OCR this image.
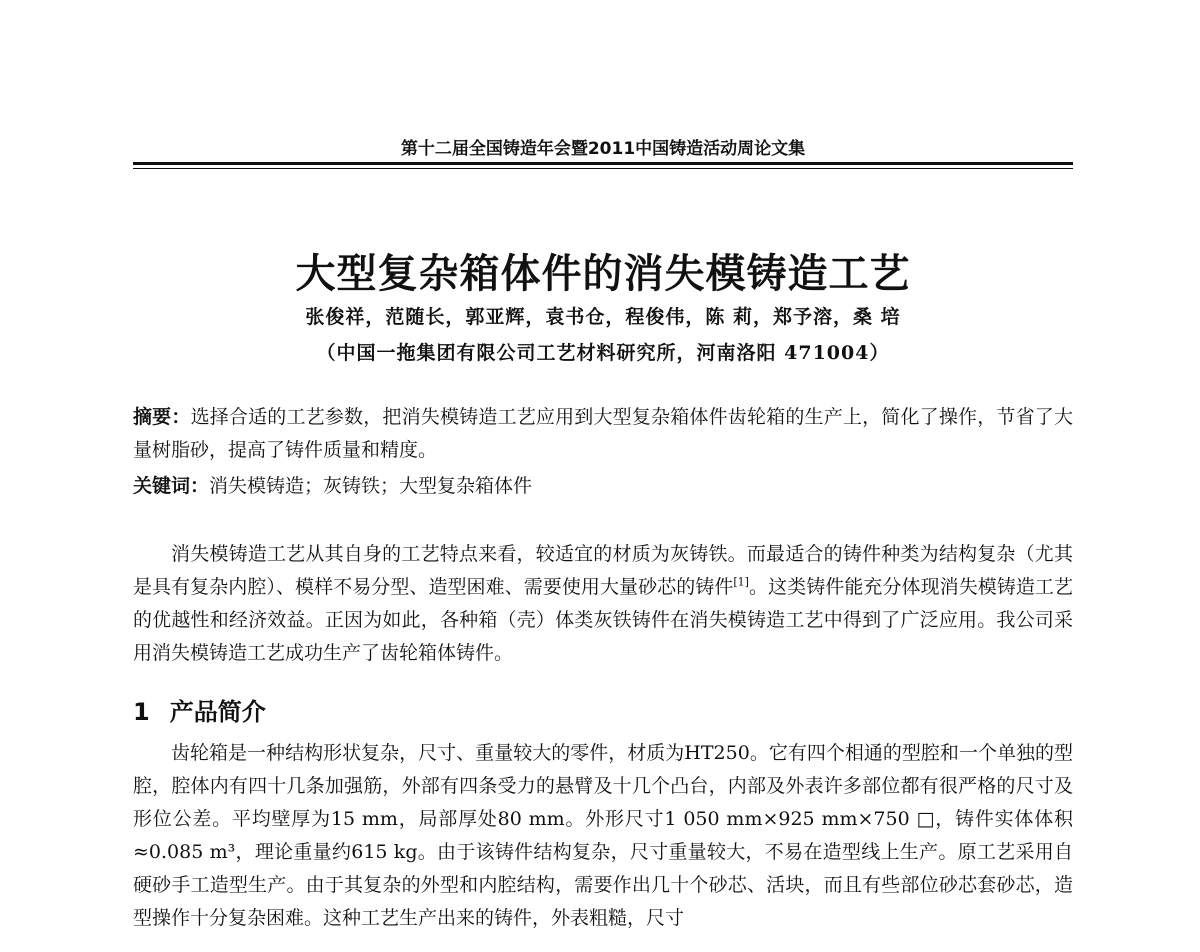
第十二届全国铸造年会暨2011中国铸造活动周论文集
大型复杂箱体件的消失模铸造工艺
张俊祥，范随长，郭亚辉，袁书仓，程俊伟，陈 莉，郑予溶，桑 培
（中国一拖集团有限公司工艺材料研究所，河南洛阳 471004）
摘要：选择合适的工艺参数，把消失模铸造工艺应用到大型复杂箱体件齿轮箱的生产上，简化了操作，节省了大量树脂砂，提高了铸件质量和精度。
关键词：消失模铸造；灰铸铁；大型复杂箱体件
消失模铸造工艺从其自身的工艺特点来看，较适宜的材质为灰铸铁。而最适合的铸件种类为结构复杂（尤其是具有复杂内腔）、模样不易分型、造型困难、需要使用大量砂芯的铸件[1]。这类铸件能充分体现消失模铸造工艺的优越性和经济效益。正因为如此，各种箱（壳）体类灰铁铸件在消失模铸造工艺中得到了广泛应用。我公司采用消失模铸造工艺成功生产了齿轮箱体铸件。
1 产品简介
齿轮箱是一种结构形状复杂，尺寸、重量较大的零件，材质为HT250。它有四个相通的型腔和一个单独的型腔，腔体内有四十几条加强筋，外部有四条受力的悬臂及十几个凸台，内部及外表许多部位都有很严格的尺寸及形位公差。平均壁厚为15 mm，局部厚处80 mm。外形尺寸1 050 mm×925 mm×750 □，铸件实体体积≈0.085 m³，理论重量约615 kg。由于该铸件结构复杂，尺寸重量较大，不易在造型线上生产。原工艺采用自硬砂手工造型生产。由于其复杂的外型和内腔结构，需要作出几十个砂芯、活块，而且有些部位砂芯套砂芯，造型操作十分复杂困难。这种工艺生产出来的铸件，外表粗糙，尺寸
